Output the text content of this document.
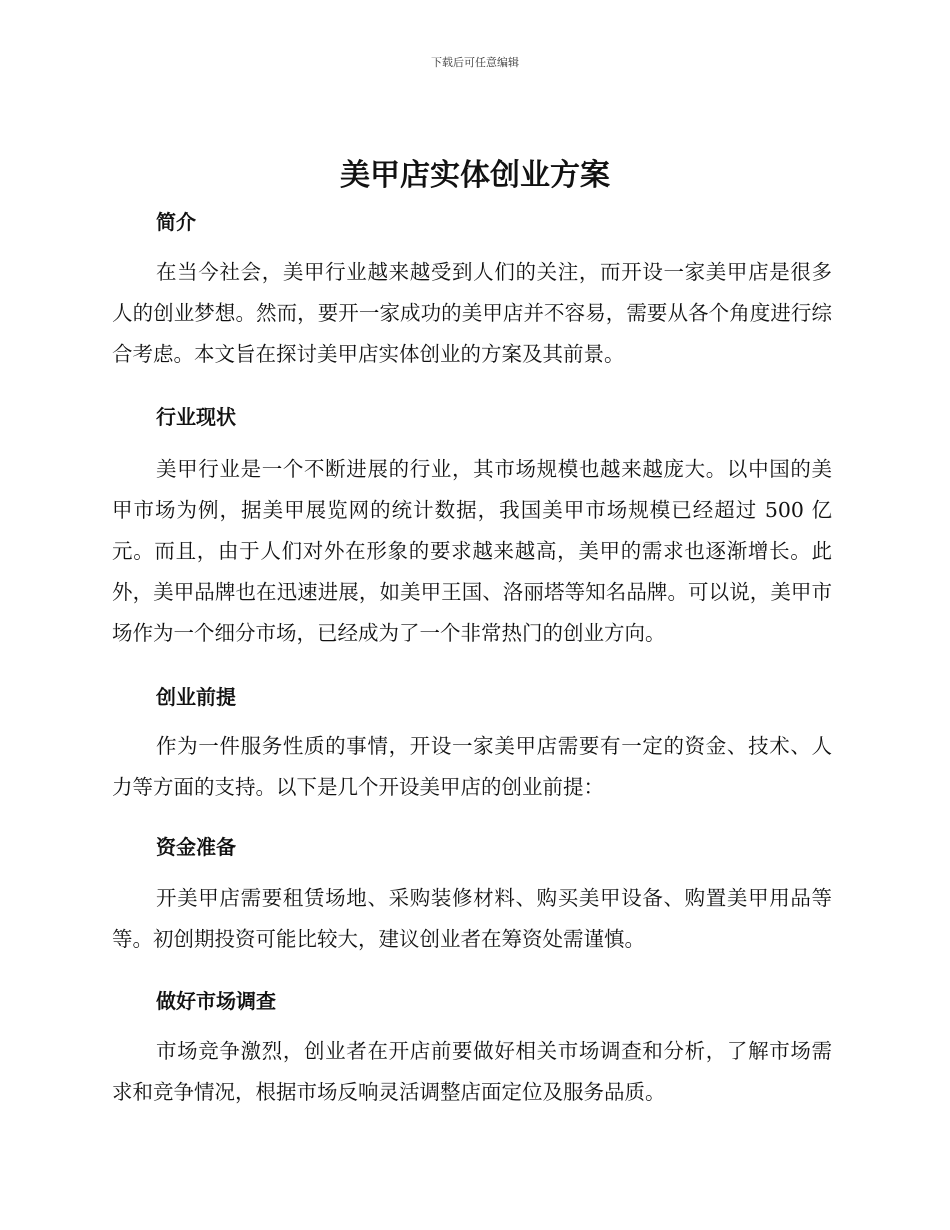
下载后可任意编辑
美甲店实体创业方案
简介

在当今社会，美甲行业越来越受到人们的关注，而开设一家美甲店是很多人的创业梦想。然而，要开一家成功的美甲店并不容易，需要从各个角度进行综合考虑。本文旨在探讨美甲店实体创业的方案及其前景。

行业现状

美甲行业是一个不断进展的行业，其市场规模也越来越庞大。以中国的美甲市场为例，据美甲展览网的统计数据，我国美甲市场规模已经超过 500 亿元。而且，由于人们对外在形象的要求越来越高，美甲的需求也逐渐增长。此外，美甲品牌也在迅速进展，如美甲王国、洛丽塔等知名品牌。可以说，美甲市场作为一个细分市场，已经成为了一个非常热门的创业方向。

创业前提

作为一件服务性质的事情，开设一家美甲店需要有一定的资金、技术、人力等方面的支持。以下是几个开设美甲店的创业前提：

资金准备

开美甲店需要租赁场地、采购装修材料、购买美甲设备、购置美甲用品等等。初创期投资可能比较大，建议创业者在筹资处需谨慎。

做好市场调查

市场竞争激烈，创业者在开店前要做好相关市场调查和分析，了解市场需求和竞争情况，根据市场反响灵活调整店面定位及服务品质。
